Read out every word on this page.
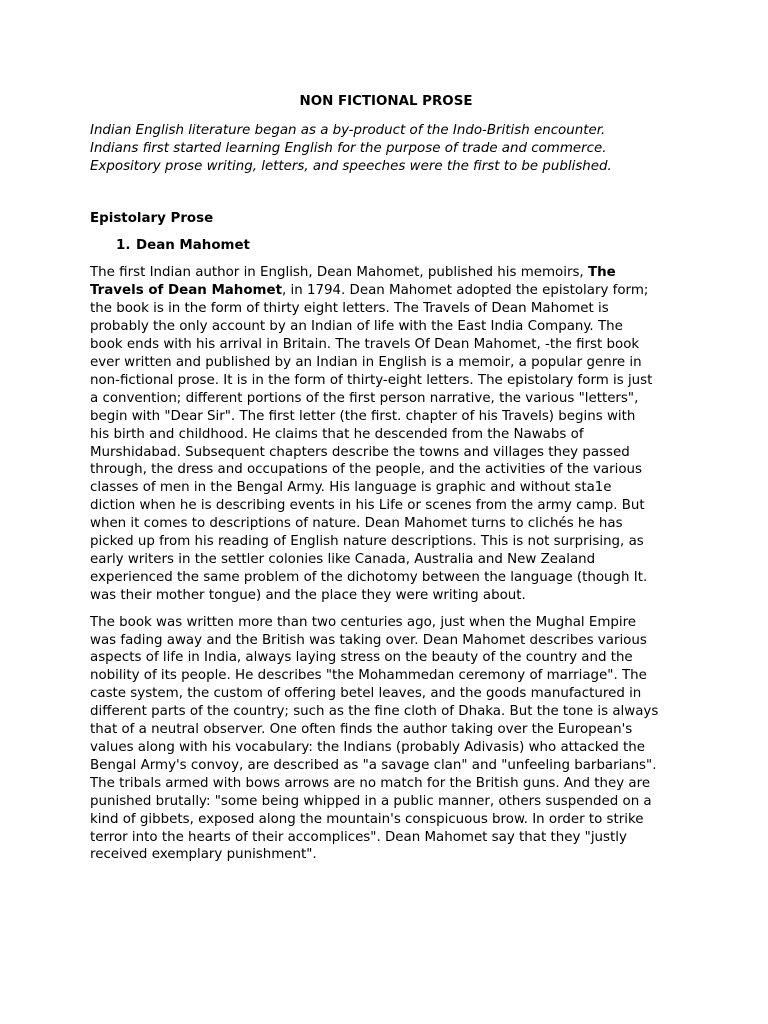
NON FICTIONAL PROSE
Indian English literature began as a by-product of the Indo-British encounter.
Indians first started learning English for the purpose of trade and commerce.
Expository prose writing, letters, and speeches were the first to be published.
Epistolary Prose
1. Dean Mahomet

The first Indian author in English, Dean Mahomet, published his memoirs, The
Travels of Dean Mahomet, in 1794. Dean Mahomet adopted the epistolary form;
the book is in the form of thirty eight letters. The Travels of Dean Mahomet is
probably the only account by an Indian of life with the East India Company. The
book ends with his arrival in Britain. The travels Of Dean Mahomet, -the first book
ever written and published by an Indian in English is a memoir, a popular genre in
non-fictional prose. It is in the form of thirty-eight letters. The epistolary form is just
a convention; different portions of the first person narrative, the various "letters",
begin with "Dear Sir". The first letter (the first. chapter of his Travels) begins with
his birth and childhood. He claims that he descended from the Nawabs of
Murshidabad. Subsequent chapters describe the towns and villages they passed
through, the dress and occupations of the people, and the activities of the various
classes of men in the Bengal Army. His language is graphic and without sta1e
diction when he is describing events in his Life or scenes from the army camp. But
when it comes to descriptions of nature. Dean Mahomet turns to clichés he has
picked up from his reading of English nature descriptions. This is not surprising, as
early writers in the settler colonies like Canada, Australia and New Zealand
experienced the same problem of the dichotomy between the language (though It.
was their mother tongue) and the place they were writing about.

The book was written more than two centuries ago, just when the Mughal Empire
was fading away and the British was taking over. Dean Mahomet describes various
aspects of life in India, always laying stress on the beauty of the country and the
nobility of its people. He describes "the Mohammedan ceremony of marriage". The
caste system, the custom of offering betel leaves, and the goods manufactured in
different parts of the country; such as the fine cloth of Dhaka. But the tone is always
that of a neutral observer. One often finds the author taking over the European's
values along with his vocabulary: the Indians (probably Adivasis) who attacked the
Bengal Army's convoy, are described as "a savage clan" and "unfeeling barbarians".
The tribals armed with bows arrows are no match for the British guns. And they are
punished brutally: "some being whipped in a public manner, others suspended on a
kind of gibbets, exposed along the mountain's conspicuous brow. In order to strike
terror into the hearts of their accomplices". Dean Mahomet say that they "justly
received exemplary punishment".
